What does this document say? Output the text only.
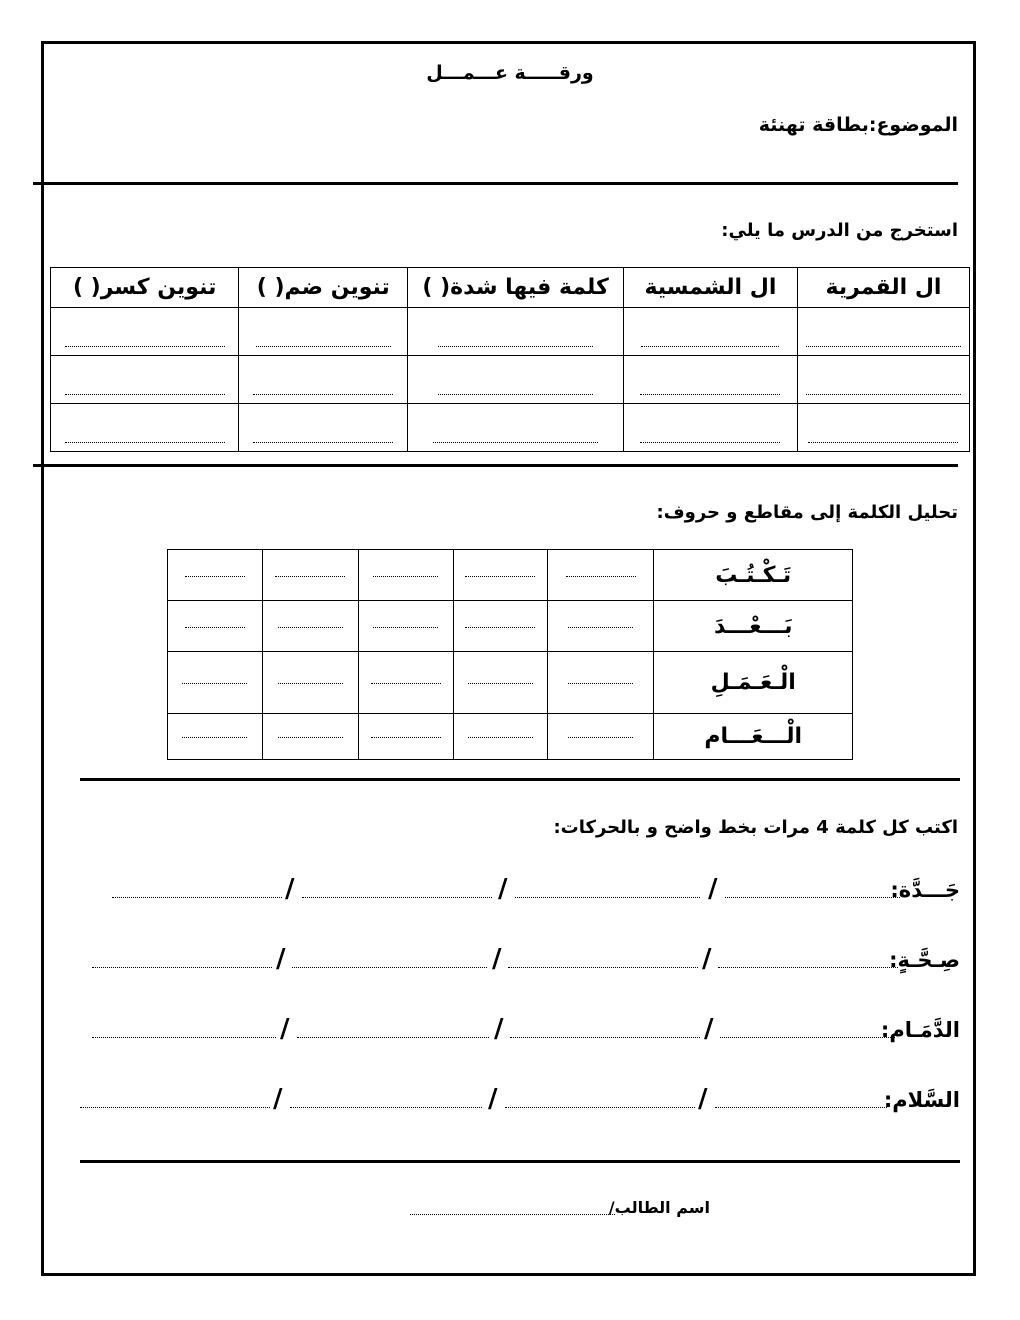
ورقـــــة عـــمـــل
الموضوع:بطاقة تهنئة
استخرج من الدرس ما يلي:
ال القمرية	ال الشمسية	كلمة فيها شدة( )	تنوين ضم( )	تنوين كسر( )

تحليل الكلمة إلى مقاطع و حروف:
تَـكْـتُـبَ					
بَـــعْـــدَ					
الْـعَـمَـلِ					
الْـــعَـــام					
اكتب كل كلمة 4 مرات بخط واضح و بالحركات:
جَـــدَّة:
/
/
/
صِـحَّـةٍ:
/
/
/
الدَّمَـام:
/
/
/
السَّلام:
/
/
/
اسم الطالب/
